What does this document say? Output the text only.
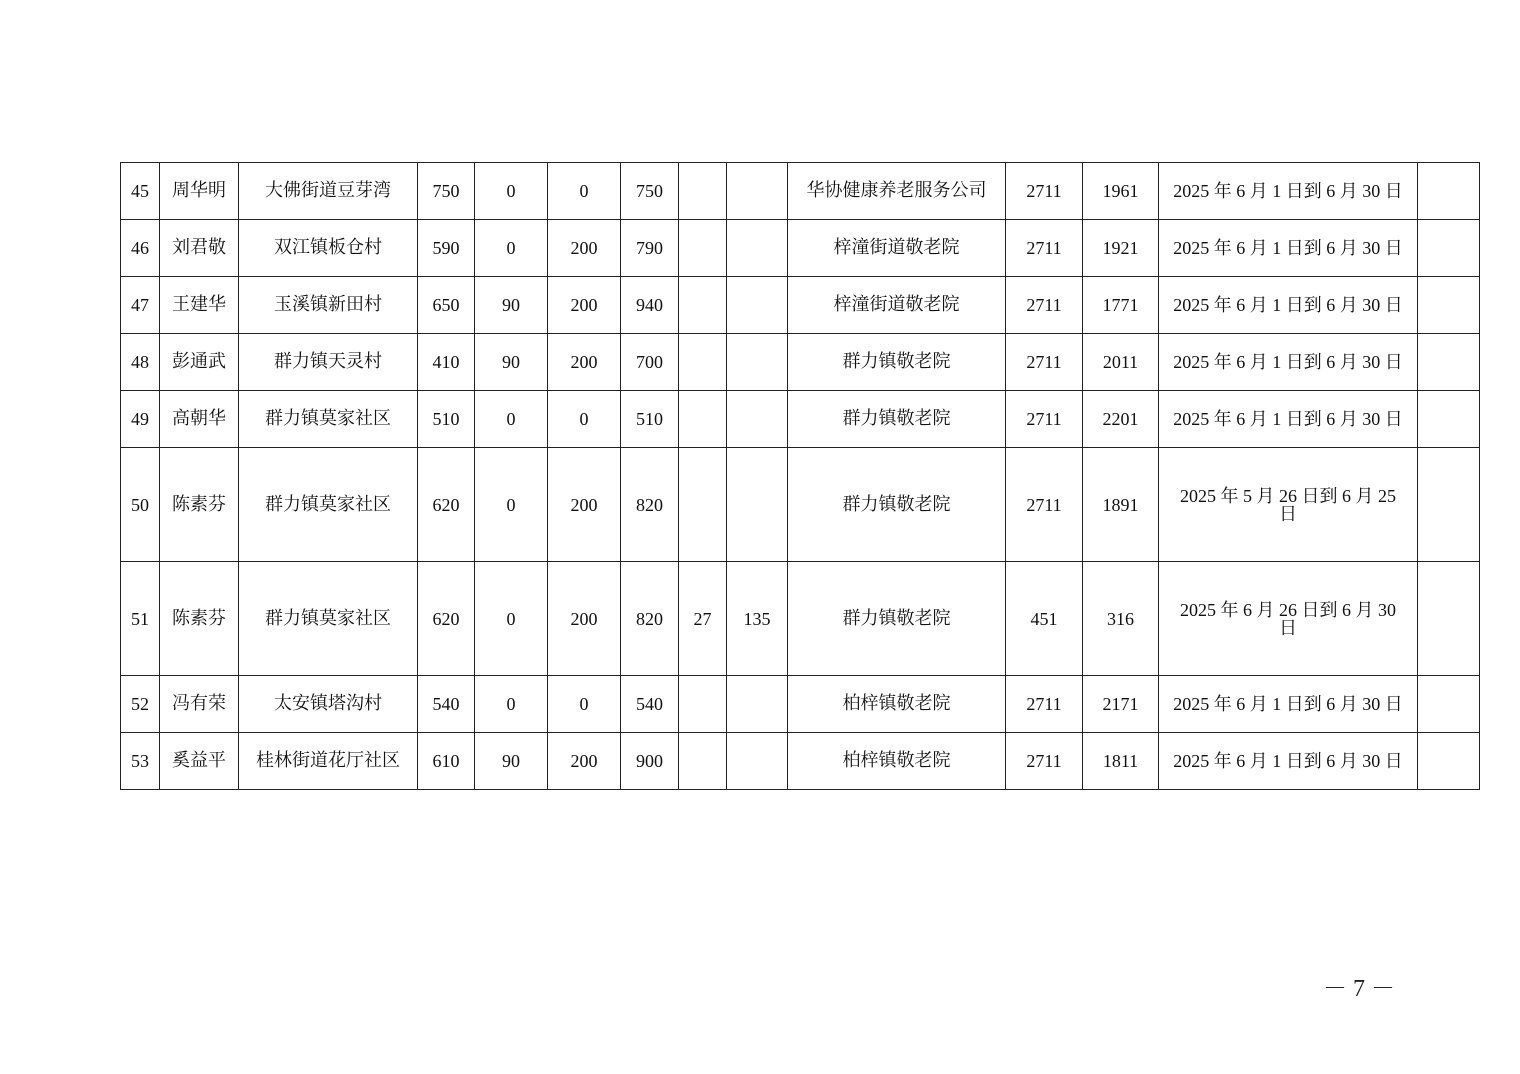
45	周华明	大佛街道豆芽湾	750	0	0	750			华协健康养老服务公司	2711	1961	2025 年 6 月 1 日到 6 月 30 日	
46	刘君敬	双江镇板仓村	590	0	200	790			梓潼街道敬老院	2711	1921	2025 年 6 月 1 日到 6 月 30 日	
47	王建华	玉溪镇新田村	650	90	200	940			梓潼街道敬老院	2711	1771	2025 年 6 月 1 日到 6 月 30 日	
48	彭通武	群力镇天灵村	410	90	200	700			群力镇敬老院	2711	2011	2025 年 6 月 1 日到 6 月 30 日	
49	高朝华	群力镇莫家社区	510	0	0	510			群力镇敬老院	2711	2201	2025 年 6 月 1 日到 6 月 30 日	
50	陈素芬	群力镇莫家社区	620	0	200	820			群力镇敬老院	2711	1891	2025 年 5 月 26 日到 6 月 25
日	

51	陈素芬	群力镇莫家社区	620	0	200	820	27	135	群力镇敬老院	451	316	2025 年 6 月 26 日到 6 月 30
日	

52	冯有荣	太安镇塔沟村	540	0	0	540			柏梓镇敬老院	2711	2171	2025 年 6 月 1 日到 6 月 30 日	
53	奚益平	桂林街道花厅社区	610	90	200	900			柏梓镇敬老院	2711	1811	2025 年 6 月 1 日到 6 月 30 日	
－ 7 －
